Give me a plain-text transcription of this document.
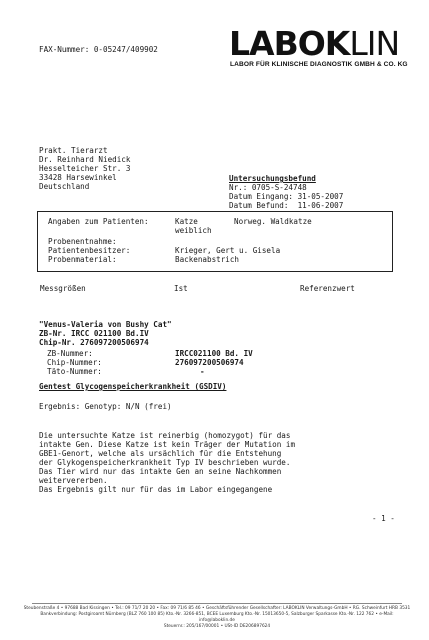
FAX-Nummer: 0-05247/409902 LABOKLIN
LABOR FÜR KLINISCHE DIAGNOSTIK GMBH & CO. KG

Prakt. Tierarzt
Dr. Reinhard Niedick
Hesselteicher Str. 3
33428 Harsewinkel
Deutschland

Untersuchungsbefund
Nr.: 0705-S-24748
Datum Eingang: 31-05-2007
Datum Befund:  11-06-2007

Angaben zum Patienten:	Katze	Norweg. Waldkatze
weiblich
Probenentnahme:
Patientenbesitzer:	Krieger, Gert u. Gisela
Probenmaterial:	Backenabstrich
Messgrößen	Ist	Referenzwert

"Venus-Valeria von Bushy Cat"
ZB-Nr. IRCC 021100 Bd.IV
Chip-Nr. 276097200506974

ZB-Nummer:	IRCC021100 Bd. IV
Chip-Nummer:	276097200506974
Täto-Nummer:	-
Gentest Glycogenspeicherkrankheit (GSDIV)
Ergebnis: Genotyp: N/N (frei)

Die untersuchte Katze ist reinerbig (homozygot) für das
intakte Gen. Diese Katze ist kein Träger der Mutation im
GBE1-Genort, welche als ursächlich für die Entstehung
der Glykogenspeicherkrankheit Typ IV beschrieben wurde.
Das Tier wird nur das intakte Gen an seine Nachkommen
weitervererben.

Das Ergebnis gilt nur für das im Labor eingegangene
- 1 -
Steubenstraße 4 • 97688 Bad Kissingen • Tel.: 09 71/7 20 20 • Fax: 09 71/6 85 46 • Geschäftsführender Gesellschafter: LABOKLIN Verwaltungs-GmbH • RG. Schweinfurt HRB 3531
Bankverbindung: Postgiroamt Nürnberg (BLZ 760 100 85) Kto.-Nr. 3266-851, BCEE Luxemburg Kto.-Nr. 15013650-5, Salzburger Sparkasse Kto.-Nr. 122 762 • e-Mail: info@laboklin.de
Steuernr.: 205/167/00001 • USt-ID DE206897624
